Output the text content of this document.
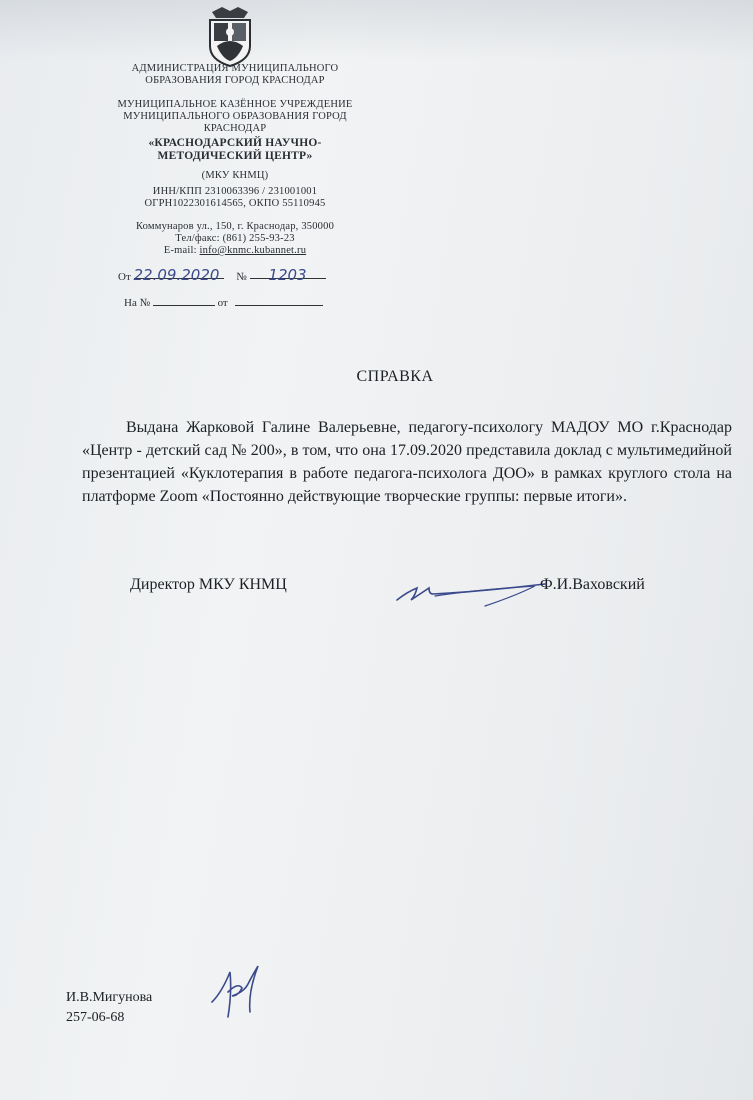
АДМИНИСТРАЦИЯ МУНИЦИПАЛЬНОГО
ОБРАЗОВАНИЯ ГОРОД КРАСНОДАР
МУНИЦИПАЛЬНОЕ КАЗЁННОЕ УЧРЕЖДЕНИЕ
МУНИЦИПАЛЬНОГО ОБРАЗОВАНИЯ ГОРОД
КРАСНОДАР
«КРАСНОДАРСКИЙ НАУЧНО-
МЕТОДИЧЕСКИЙ ЦЕНТР»
(МКУ КНМЦ)
ИНН/КПП 2310063396 / 231001001
ОГРН1022301614565, ОКПО 55110945
Коммунаров ул., 150, г. Краснодар, 350000
Тел/факс: (861) 255-93-23
E-mail: info@knmc.kubannet.ru
От 22.09.2020 № 1203
На №	от
СПРАВКА
Выдана Жарковой Галине Валерьевне, педагогу-психологу МАДОУ МО г.Краснодар «Центр - детский сад № 200», в том, что она 17.09.2020 представила доклад с мультимедийной презентацией «Куклотерапия в работе педагога-психолога ДОО» в рамках круглого стола на платформе Zoom «Постоянно действующие творческие группы: первые итоги».
Директор МКУ КНМЦ	Ф.И.Ваховский
И.В.Мигунова
257-06-68
